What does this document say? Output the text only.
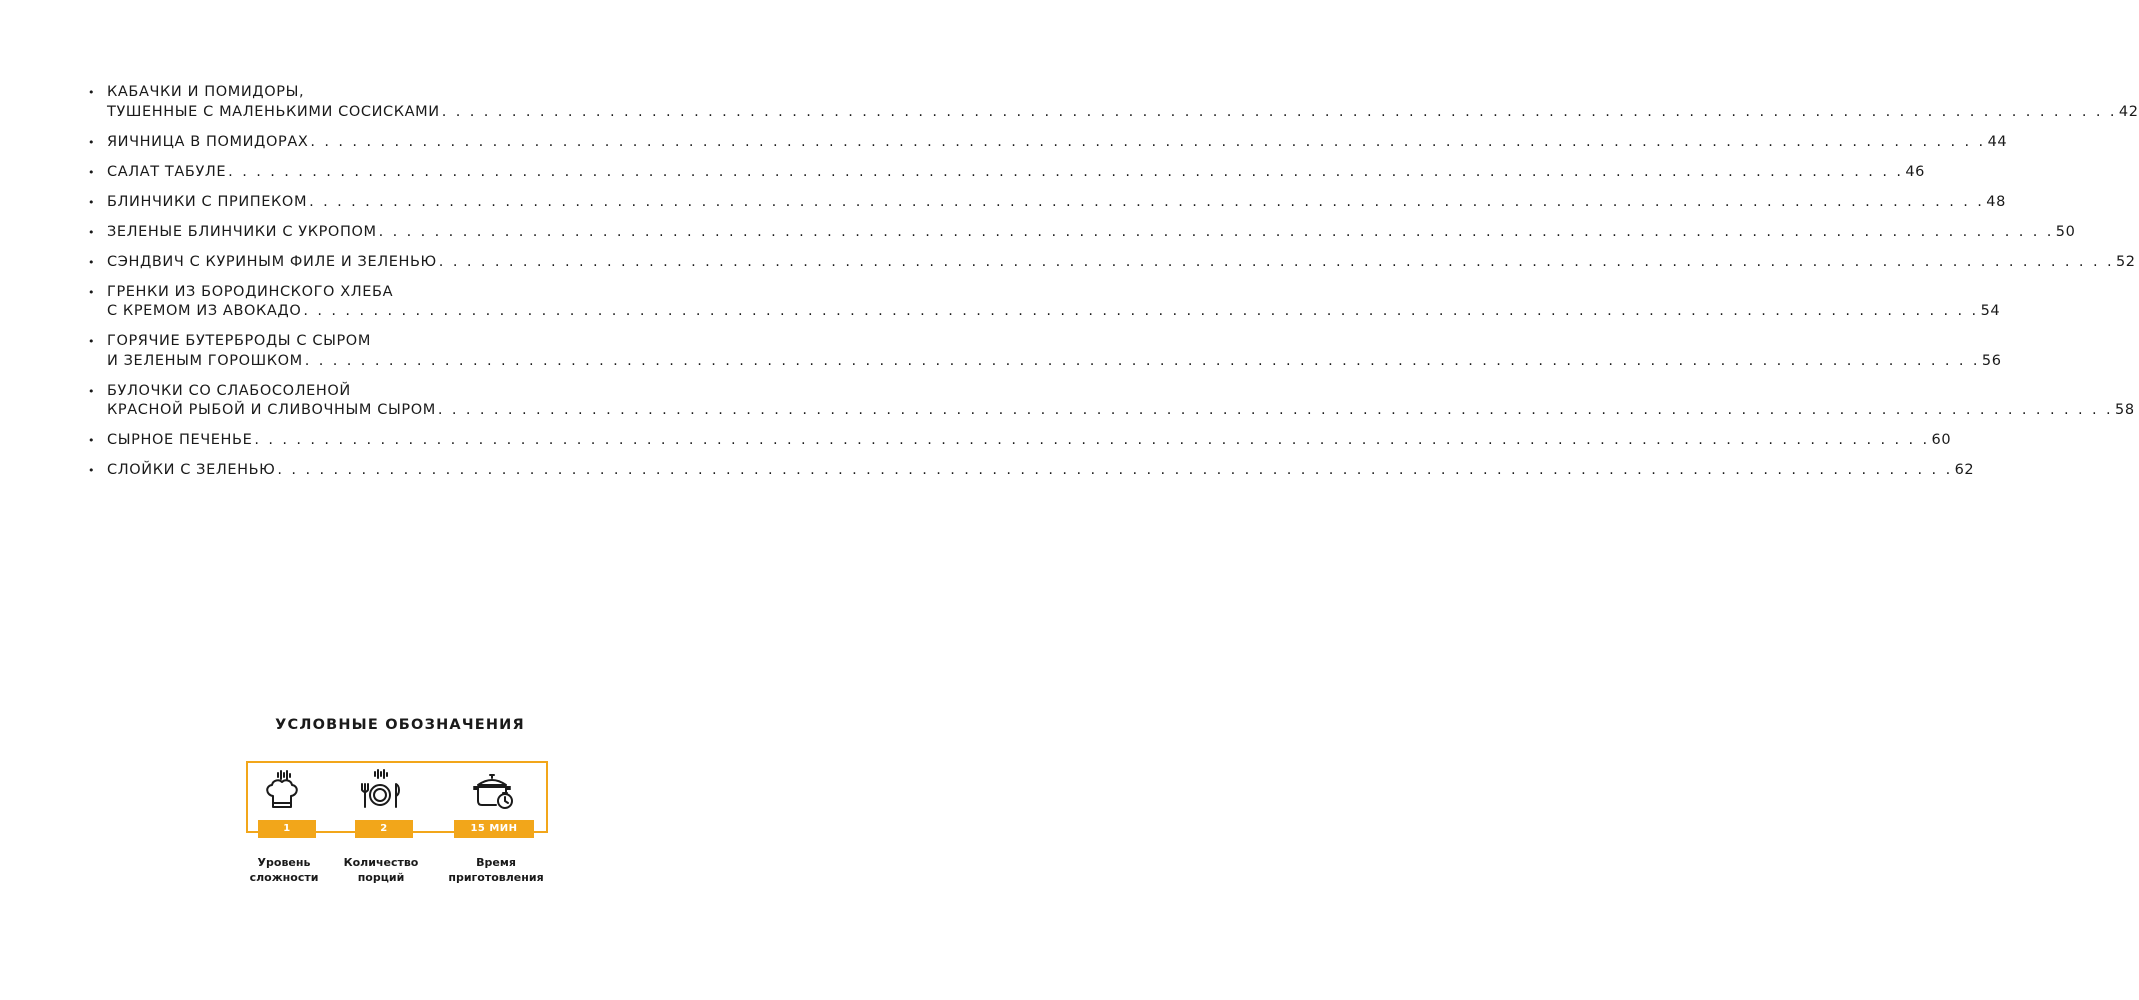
• КАБАЧКИ И ПОМИДОРЫ,
ТУШЕННЫЕ С МАЛЕНЬКИМИ СОСИСКАМИ . . . . . . . . . . . . . . . . . . . . . . . . . . . . . . . . . . . . . . . . . . . . . . . . . . . . . . . . . . . . . . . . . . . . . . . . . . . . . . . . . . . . . . . . . . . . . . . . . . . . . . . . . . . . . . . . . . . . . . . . 42
• ЯИЧНИЦА В ПОМИДОРАХ . . . . . . . . . . . . . . . . . . . . . . . . . . . . . . . . . . . . . . . . . . . . . . . . . . . . . . . . . . . . . . . . . . . . . . . . . . . . . . . . . . . . . . . . . . . . . . . . . . . . . . . . . . . . . . . . . . . . . . . . 44
• САЛАТ ТАБУЛЕ . . . . . . . . . . . . . . . . . . . . . . . . . . . . . . . . . . . . . . . . . . . . . . . . . . . . . . . . . . . . . . . . . . . . . . . . . . . . . . . . . . . . . . . . . . . . . . . . . . . . . . . . . . . . . . . . . . . . . . . . 46
• БЛИНЧИКИ С ПРИПЕКОМ . . . . . . . . . . . . . . . . . . . . . . . . . . . . . . . . . . . . . . . . . . . . . . . . . . . . . . . . . . . . . . . . . . . . . . . . . . . . . . . . . . . . . . . . . . . . . . . . . . . . . . . . . . . . . . . . . . . . . . . . 48
• ЗЕЛЕНЫЕ БЛИНЧИКИ С УКРОПОМ . . . . . . . . . . . . . . . . . . . . . . . . . . . . . . . . . . . . . . . . . . . . . . . . . . . . . . . . . . . . . . . . . . . . . . . . . . . . . . . . . . . . . . . . . . . . . . . . . . . . . . . . . . . . . . . . . . . . . . . . 50
• СЭНДВИЧ С КУРИНЫМ ФИЛЕ И ЗЕЛЕНЬЮ . . . . . . . . . . . . . . . . . . . . . . . . . . . . . . . . . . . . . . . . . . . . . . . . . . . . . . . . . . . . . . . . . . . . . . . . . . . . . . . . . . . . . . . . . . . . . . . . . . . . . . . . . . . . . . . . . . . . . . . . 52
• ГРЕНКИ ИЗ БОРОДИНСКОГО ХЛЕБА
С КРЕМОМ ИЗ АВОКАДО . . . . . . . . . . . . . . . . . . . . . . . . . . . . . . . . . . . . . . . . . . . . . . . . . . . . . . . . . . . . . . . . . . . . . . . . . . . . . . . . . . . . . . . . . . . . . . . . . . . . . . . . . . . . . . . . . . . . . . . . 54
• ГОРЯЧИЕ БУТЕРБРОДЫ С СЫРОМ
И ЗЕЛЕНЫМ ГОРОШКОМ . . . . . . . . . . . . . . . . . . . . . . . . . . . . . . . . . . . . . . . . . . . . . . . . . . . . . . . . . . . . . . . . . . . . . . . . . . . . . . . . . . . . . . . . . . . . . . . . . . . . . . . . . . . . . . . . . . . . . . . . 56
• БУЛОЧКИ СО СЛАБОСОЛЕНОЙ
КРАСНОЙ РЫБОЙ И СЛИВОЧНЫМ СЫРОМ . . . . . . . . . . . . . . . . . . . . . . . . . . . . . . . . . . . . . . . . . . . . . . . . . . . . . . . . . . . . . . . . . . . . . . . . . . . . . . . . . . . . . . . . . . . . . . . . . . . . . . . . . . . . . . . . . . . . . . . . 58
• СЫРНОЕ ПЕЧЕНЬЕ . . . . . . . . . . . . . . . . . . . . . . . . . . . . . . . . . . . . . . . . . . . . . . . . . . . . . . . . . . . . . . . . . . . . . . . . . . . . . . . . . . . . . . . . . . . . . . . . . . . . . . . . . . . . . . . . . . . . . . . . 60
• СЛОЙКИ С ЗЕЛЕНЬЮ . . . . . . . . . . . . . . . . . . . . . . . . . . . . . . . . . . . . . . . . . . . . . . . . . . . . . . . . . . . . . . . . . . . . . . . . . . . . . . . . . . . . . . . . . . . . . . . . . . . . . . . . . . . . . . . . . . . . . . . . 62
УСЛОВНЫЕ ОБОЗНАЧЕНИЯ
1	2	15 МИН
Уровень
сложности
Количество
порций
Время
приготовления
